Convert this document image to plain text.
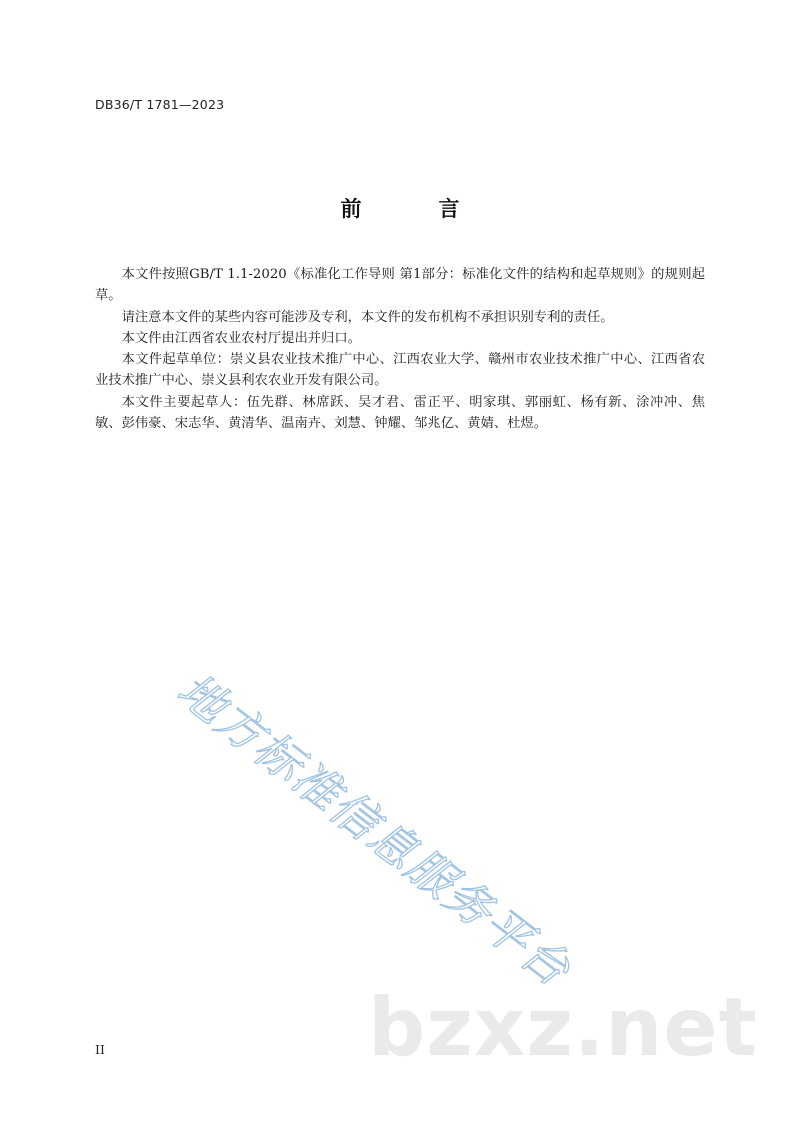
DB36/T 1781—2023
前　言

本文件按照GB/T 1.1-2020《标准化工作导则 第1部分：标准化文件的结构和起草规则》的规则起草。

请注意本文件的某些内容可能涉及专利，本文件的发布机构不承担识别专利的责任。

本文件由江西省农业农村厅提出并归口。

本文件起草单位：崇义县农业技术推广中心、江西农业大学、赣州市农业技术推广中心、江西省农业技术推广中心、崇义县利农农业开发有限公司。

本文件主要起草人：伍先群、林席跃、吴才君、雷正平、明家琪、郭丽虹、杨有新、涂冲冲、焦敏、彭伟豪、宋志华、黄清华、温南卉、刘慧、钟耀、邹兆亿、黄婧、杜煜。

地方标准信息服务平台
bzxz.net
II
